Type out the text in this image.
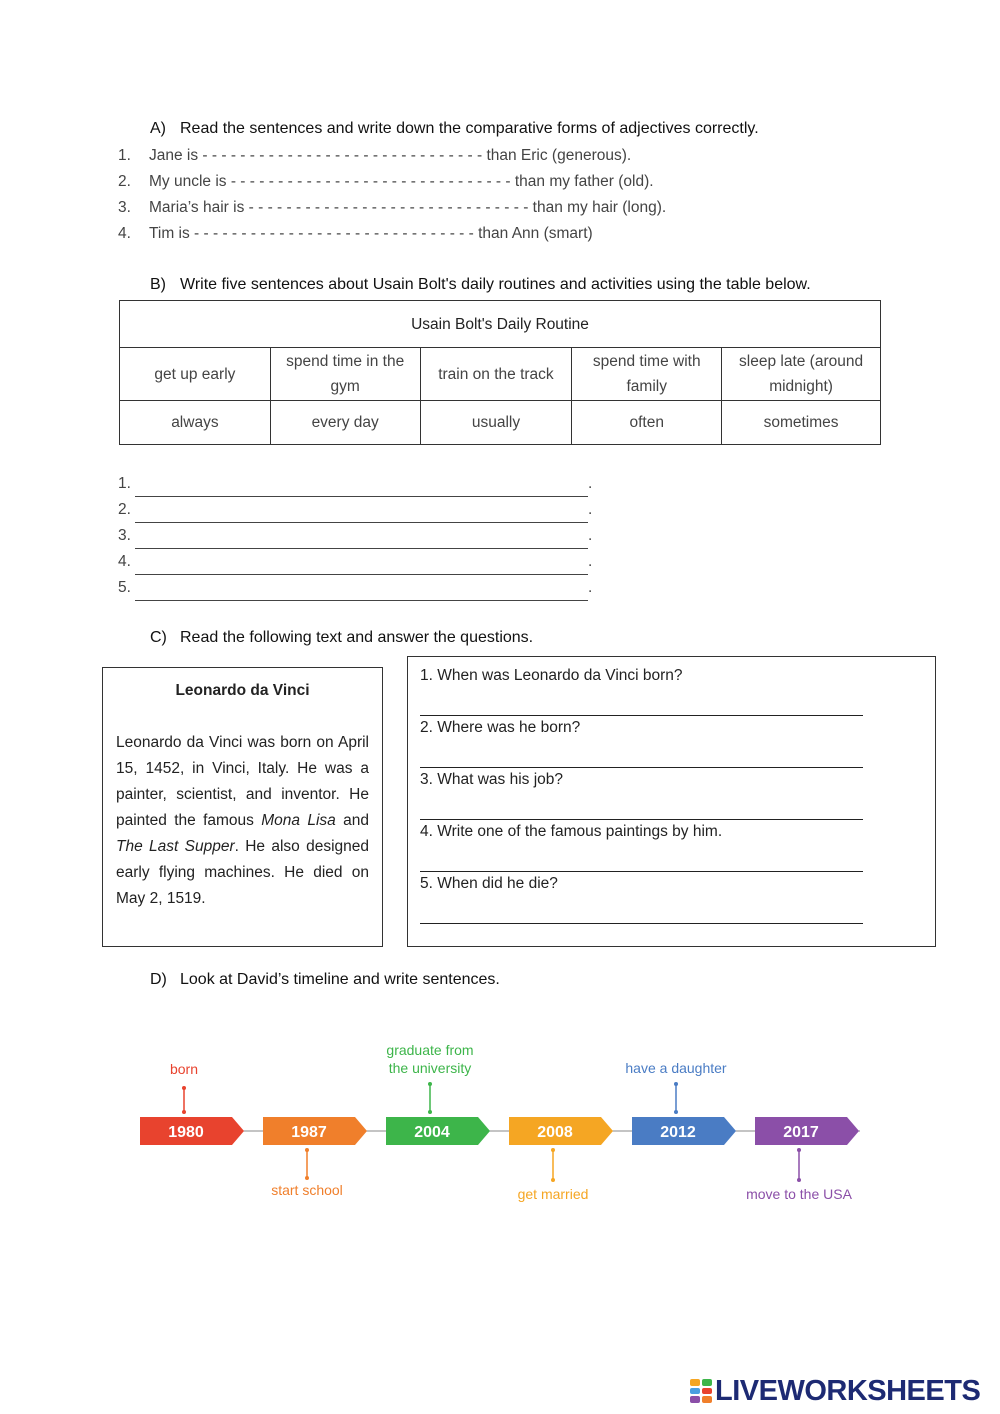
A) Read the sentences and write down the comparative forms of adjectives correctly.
1. Jane is - - - - - - - - - - - - - - - - - - - - - - - - - - - - - - than Eric (generous).
2. My uncle is - - - - - - - - - - - - - - - - - - - - - - - - - - - - - - than my father (old).
3. Maria’s hair is - - - - - - - - - - - - - - - - - - - - - - - - - - - - - - than my hair (long).
4. Tim is - - - - - - - - - - - - - - - - - - - - - - - - - - - - - - than Ann (smart)
B) Write five sentences about Usain Bolt's daily routines and activities using the table below.
Usain Bolt's Daily Routine				
get up early	spend time in the gym	train on the track	spend time with family	sleep late (around midnight)
always	every day	usually	often	sometimes
1.	.
2.	.
3.	.
4.	.
5.	.
C) Read the following text and answer the questions.
Leonardo da Vinci
Leonardo da Vinci was born on April 15, 1452, in Vinci, Italy. He was a painter, scientist, and inventor. He painted the famous Mona Lisa and The Last Supper. He also designed early flying machines. He died on May 2, 1519.
1. When was Leonardo da Vinci born?
2. Where was he born?
3. What was his job?
4. Write one of the famous paintings by him.
5. When did he die?
D) Look at David’s timeline and write sentences.
1980	1987	2004	2008	2012	2017
born
start school
graduate from
the university
get married
have a daughter
move to the USA
LIVEWORKSHEETS
